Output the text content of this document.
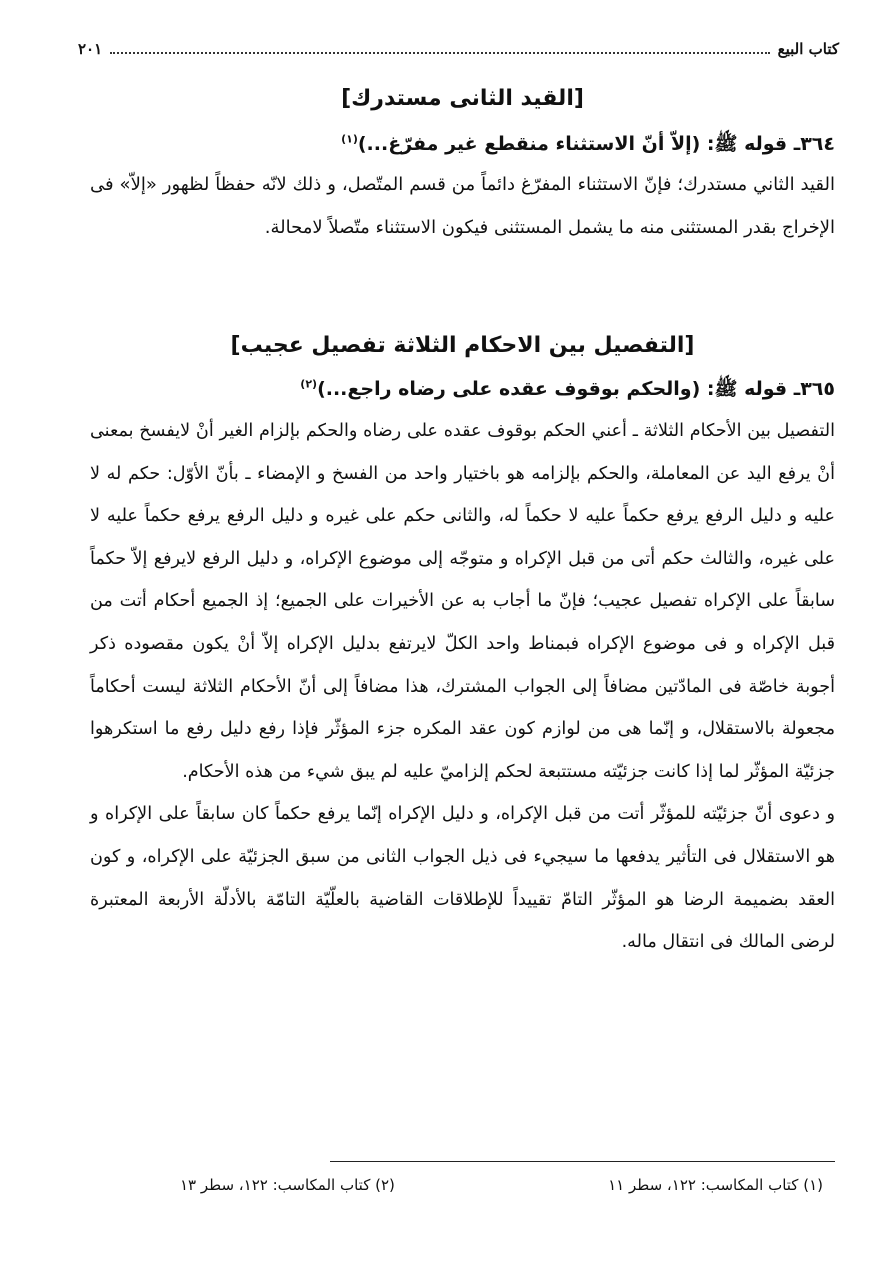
كتاب البيع
٢٠١
[القيد الثانى مستدرك]
٣٦٤ـ قوله ﷺ: (إلاّ أنّ الاستثناء منقطع غير مفرّغ...)$^{(١)}$

القيد الثاني مستدرك؛ فإنّ الاستثناء المفرّغ دائماً من قسم المتّصل، و ذلك لانّه حفظاً لظهور «إلاّ» فى الإخراج بقدر المستثنى منه ما يشمل المستثنى فيكون الاستثناء متّصلاً لامحالة.

[التفصيل بين الاحكام الثلاثة تفصيل عجيب]
٣٦٥ـ قوله ﷺ: (والحكم بوقوف عقده على رضاه راجع...)$^{(٢)}$

التفصيل بين الأحكام الثلاثة ـ أعني الحكم بوقوف عقده على رضاه والحكم بإلزام الغير أنْ لايفسخ بمعنى أنْ يرفع اليد عن المعاملة، والحكم بإلزامه هو باختيار واحد من الفسخ و الإمضاء ـ بأنّ الأوّل: حكم له لا عليه و دليل الرفع يرفع حكماً عليه لا حكماً له، والثانى حكم على غيره و دليل الرفع يرفع حكماً عليه لا على غيره، والثالث حكم أتى من قبل الإكراه و متوجّه إلى موضوع الإكراه، و دليل الرفع لايرفع إلاّ حكماً سابقاً على الإكراه تفصيل عجيب؛ فإنّ ما أجاب به عن الأخيرات على الجميع؛ إذ الجميع أحكام أتت من قبل الإكراه و فى موضوع الإكراه فبمناط واحد الكلّ لايرتفع بدليل الإكراه إلاّ أنْ يكون مقصوده ذكر أجوبة خاصّة فى المادّتين مضافاً إلى الجواب المشترك، هذا مضافاً إلى أنّ الأحكام الثلاثة ليست أحكاماً مجعولة بالاستقلال، و إنّما هى من لوازم كون عقد المكره جزء المؤثّر فإذا رفع دليل رفع ما استكرهوا جزئيّة المؤثّر لما إذا كانت جزئيّته مستتبعة لحكم إلزاميّ عليه لم يبق شيء من هذه الأحكام.

و دعوى أنّ جزئيّته للمؤثّر أتت من قبل الإكراه، و دليل الإكراه إنّما يرفع حكماً كان سابقاً على الإكراه و هو الاستقلال فى التأثير يدفعها ما سيجيء فى ذيل الجواب الثانى من سبق الجزئيّة على الإكراه، و كون العقد بضميمة الرضا هو المؤثّر التامّ تقييداً للإطلاقات القاضية بالعلّيّة التامّة بالأدلّة الأربعة المعتبرة لرضى المالك فى انتقال ماله.

(١) كتاب المكاسب: ١٢٢، سطر ١١
(٢) كتاب المكاسب: ١٢٢، سطر ١٣
